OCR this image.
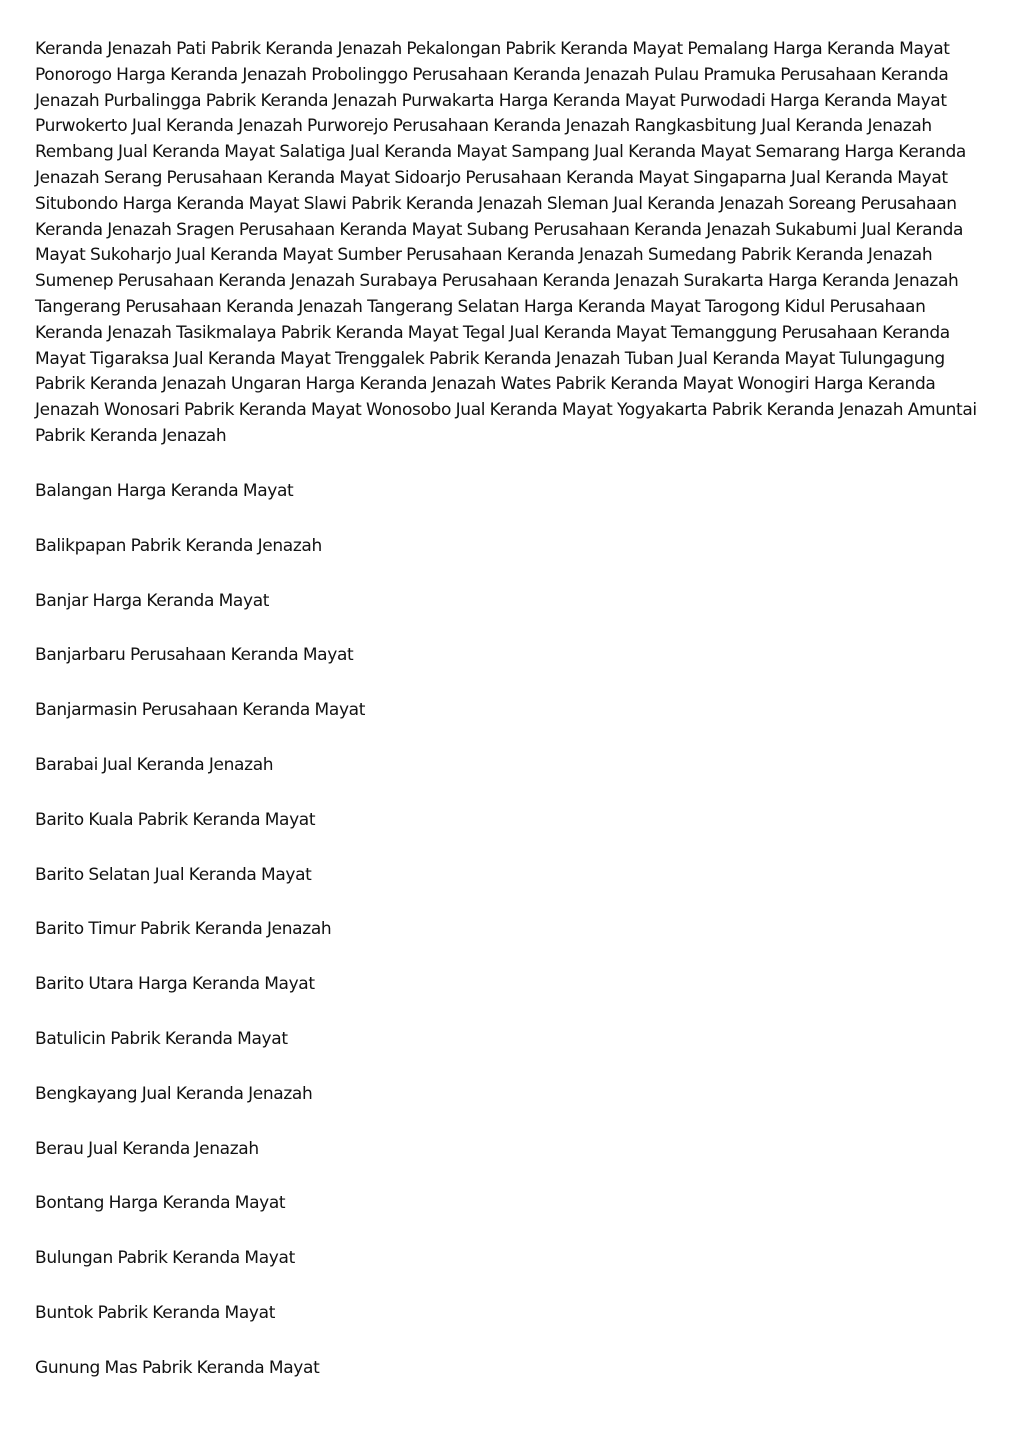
Keranda Jenazah Pati Pabrik Keranda Jenazah Pekalongan Pabrik Keranda Mayat Pemalang Harga Keranda Mayat Ponorogo Harga Keranda Jenazah Probolinggo Perusahaan Keranda Jenazah Pulau Pramuka Perusahaan Keranda Jenazah Purbalingga Pabrik Keranda Jenazah Purwakarta Harga Keranda Mayat Purwodadi Harga Keranda Mayat Purwokerto Jual Keranda Jenazah Purworejo Perusahaan Keranda Jenazah Rangkasbitung Jual Keranda Jenazah Rembang Jual Keranda Mayat Salatiga Jual Keranda Mayat Sampang Jual Keranda Mayat Semarang Harga Keranda Jenazah Serang Perusahaan Keranda Mayat Sidoarjo Perusahaan Keranda Mayat Singaparna Jual Keranda Mayat Situbondo Harga Keranda Mayat Slawi Pabrik Keranda Jenazah Sleman Jual Keranda Jenazah Soreang Perusahaan Keranda Jenazah Sragen Perusahaan Keranda Mayat Subang Perusahaan Keranda Jenazah Sukabumi Jual Keranda Mayat Sukoharjo Jual Keranda Mayat Sumber Perusahaan Keranda Jenazah Sumedang Pabrik Keranda Jenazah Sumenep Perusahaan Keranda Jenazah Surabaya Perusahaan Keranda Jenazah Surakarta Harga Keranda Jenazah Tangerang Perusahaan Keranda Jenazah Tangerang Selatan Harga Keranda Mayat Tarogong Kidul Perusahaan Keranda Jenazah Tasikmalaya Pabrik Keranda Mayat Tegal Jual Keranda Mayat Temanggung Perusahaan Keranda Mayat Tigaraksa Jual Keranda Mayat Trenggalek Pabrik Keranda Jenazah Tuban Jual Keranda Mayat Tulungagung Pabrik Keranda Jenazah Ungaran Harga Keranda Jenazah Wates Pabrik Keranda Mayat Wonogiri Harga Keranda Jenazah Wonosari Pabrik Keranda Mayat Wonosobo Jual Keranda Mayat Yogyakarta Pabrik Keranda Jenazah Amuntai Pabrik Keranda Jenazah

Balangan Harga Keranda Mayat
Balikpapan Pabrik Keranda Jenazah
Banjar Harga Keranda Mayat
Banjarbaru Perusahaan Keranda Mayat
Banjarmasin Perusahaan Keranda Mayat
Barabai Jual Keranda Jenazah
Barito Kuala Pabrik Keranda Mayat
Barito Selatan Jual Keranda Mayat
Barito Timur Pabrik Keranda Jenazah
Barito Utara Harga Keranda Mayat
Batulicin Pabrik Keranda Mayat
Bengkayang Jual Keranda Jenazah
Berau Jual Keranda Jenazah
Bontang Harga Keranda Mayat
Bulungan Pabrik Keranda Mayat
Buntok Pabrik Keranda Mayat
Gunung Mas Pabrik Keranda Mayat
